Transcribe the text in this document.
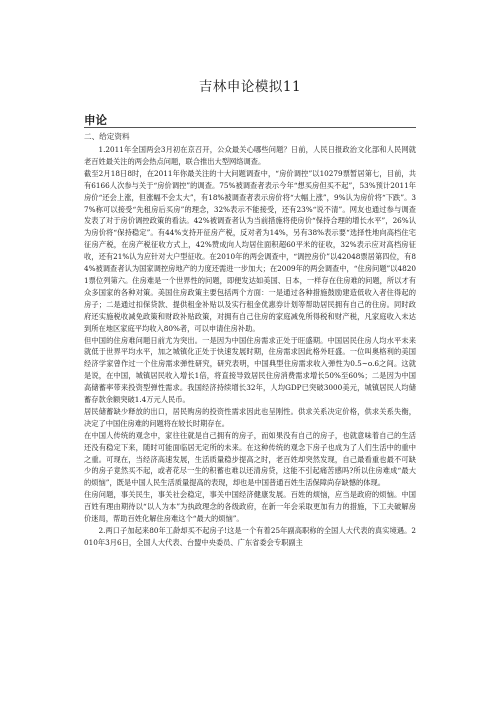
吉林申论模拟11
申论
二、给定资料

1.2011年全国两会3月初在京召开，公众最关心哪些问题？日前，人民日报政治文化部和人民网就老百姓最关注的两会热点问题，联合推出大型网络调查。

截至2月18日8时，在2011年你最关注的十大问题调查中，“房价调控”以10279票暂居第七，目前，共有6166人次参与关于“房价调控”的调查。75%被调查者表示今年“想买房但买不起”，53%预计2011年房价“还会上涨，但涨幅不会太大”，有18%被调查者表示房价将“大幅上涨”，9%认为房价将“下跌”。37%称可以接受“先租房后买房”的理念，32%表示不能接受，还有23%“说不清”。网友也通过参与调查发表了对于房价调控政策的看法。42%被调查者认为当前措施将使房价“保持合理的增长水平”，26%认为房价将“保持稳定”。有44%支持开征房产税，反对者为14%，另有38%表示要“选择性地向高档住宅征房产税，在房产税征收方式上，42%赞成向人均居住面积超60平米的征收，32%表示应对高档房征收，还有21%认为应针对大户型征收。在2010年的两会调查中，“调控房价”以42048票居第四位，有84%被调查者认为国家调控房地产的力度还需进一步加大；在2009年的两会调查中，“住房问题”以48201票位列第六。住房难是一个世界性的问题，即便发达如美国、日本，一样存在住房难的问题，所以才有众多国家的各种对策。美国住房政策主要包括两个方面：一是通过各种措施鼓励建造低收入者住得起的房子；二是通过扣保贷款、提供租金补贴以及实行租金优惠券计划等帮助居民拥有自己的住房。同时政府还实施税收减免政策和财政补贴政策，对拥有自己住房的家庭减免所得税和财产税，凡家庭收入未达到所在地区家庭平均收入80%者，可以申请住房补助。

但中国的住房难问题日前尤为突出。一是因为中国住房需求正处于旺盛期。中国居民住房人均水平未来就低于世界平均水平，加之城镇化正处于快速发展时期，住房需求因此格外旺盛。一位叫奥格利的美国经济学家曾作过一个住房需求弹性研究，研究表明，中国典型住房需求收入弹性为0.5~o.6之间。这就是说，在中国，城镇居民收入增长1倍，将直接导致居民住房消费需求增长50%至60%；二是因为中国高储蓄率带来投资型弹性需求。我国经济持续增长32年，人均GDP已突破3000美元，城镇居民人均储蓄存款余额突破1.4万元人民币。

居民储蓄缺少释放的出口，居民购房的投资性需求因此也呈刚性。供求关系决定价格，供求关系失衡，决定了中国住房难的问题将在较长时期存在。

在中国人传统的观念中，家往往就是自己拥有的房子，而如果没有自己的房子，也就意味着自己的生活还没有稳定下来，随时可能面临居无定所的未来。在这种传统的观念下房子也成为了人们生活中的重中之重。可现在，当经济高速发展，生活质量稳步提高之时，老百姓却突然发现，自己最看重也最不可缺少的房子竟然买不起，或者花尽一生的积蓄也难以还清房贷，这能不引起痛苦感吗?所以住房难成“最大的烦恼”，既是中国人民生活质量提高的表现，却也是中国普通百姓生活保障尚存缺憾的体现。

住房问题，事关民生，事关社会稳定，事关中国经济健康发展。百姓的烦恼，应当是政府的烦恼。中国百姓有理由期待以“以人为本”为执政理念的各级政府，在新一年会采取更加有力的措施，下工夫破解房价迷局，帮助百姓化解住房难这个“最大的烦恼”。

2.两口子加起来80年工龄却买不起房子!这是一个有着25年副高职称的全国人大代表的真实境遇。2010年3月6日，全国人大代表、台盟中央委员、广东省委会专职副主
